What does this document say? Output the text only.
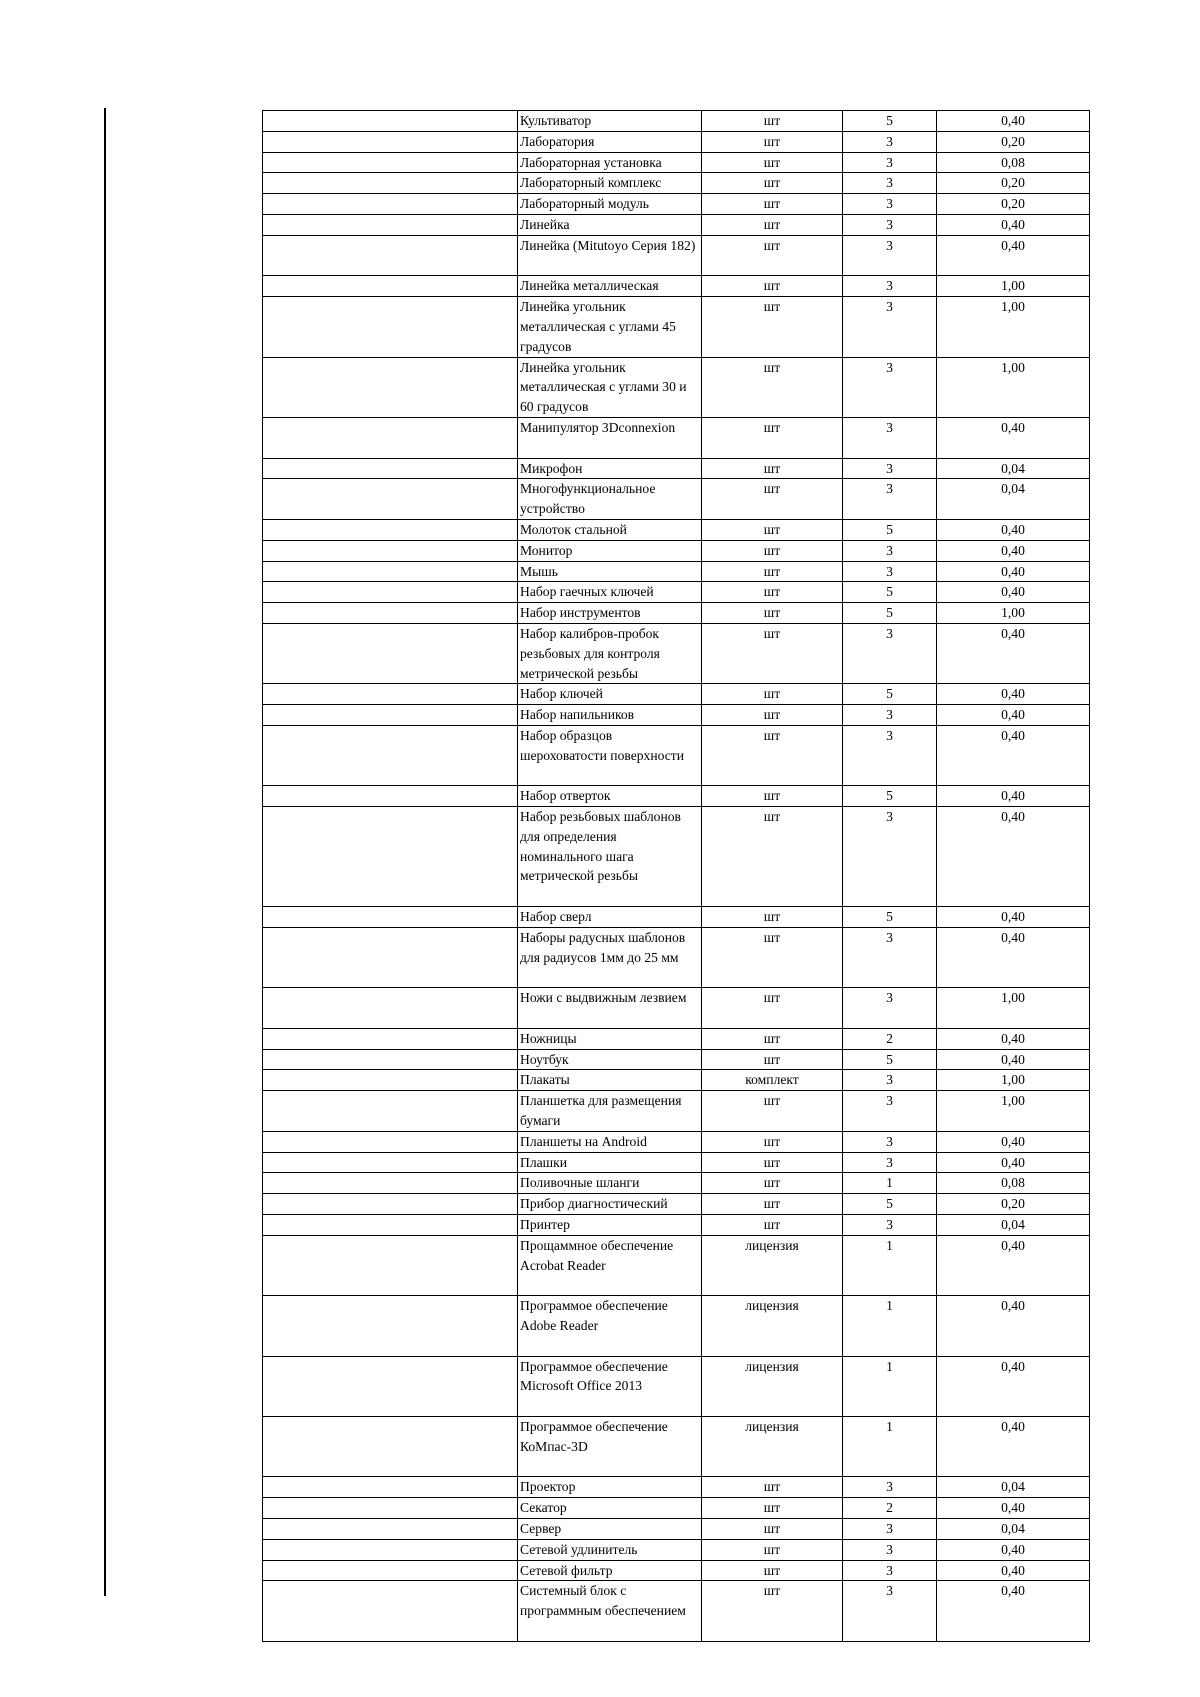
	Культиватор	шт	5	0,40
	Лаборатория	шт	3	0,20
	Лабораторная установка	шт	3	0,08
	Лабораторный комплекс	шт	3	0,20
	Лабораторный модуль	шт	3	0,20
	Линейка	шт	3	0,40
	Линейка (Mitutoyo Серия 182)	шт	3	0,40
	Линейка металлическая	шт	3	1,00
	Линейка угольник металлическая с углами 45 градусов	шт	3	1,00
	Линейка угольник металлическая с углами 30 и 60 градусов	шт	3	1,00
	Манипулятор 3Dconnexion	шт	3	0,40
	Микрофон	шт	3	0,04
	Многофункциональное устройство	шт	3	0,04
	Молоток стальной	шт	5	0,40
	Монитор	шт	3	0,40
	Мышь	шт	3	0,40
	Набор гаечных ключей	шт	5	0,40
	Набор инструментов	шт	5	1,00
	Набор калибров-пробок резьбовых для контроля метрической резьбы	шт	3	0,40
	Набор ключей	шт	5	0,40
	Набор напильников	шт	3	0,40
	Набор образцов шероховатости поверхности	шт	3	0,40
	Набор отверток	шт	5	0,40
	Набор резьбовых шаблонов для определения номинального шага метрической резьбы	шт	3	0,40
	Набор сверл	шт	5	0,40
	Наборы радусных шаблонов для радиусов 1мм до 25 мм	шт	3	0,40
	Ножи с выдвижным лезвием	шт	3	1,00
	Ножницы	шт	2	0,40
	Ноутбук	шт	5	0,40
	Плакаты	комплект	3	1,00
	Планшетка для размещения бумаги	шт	3	1,00
	Планшеты на Android	шт	3	0,40
	Плашки	шт	3	0,40
	Поливочные шланги	шт	1	0,08
	Прибор диагностический	шт	5	0,20
	Принтер	шт	3	0,04
	Прощаммное обеспечение Acrobat Reader	лицензия	1	0,40
	Программое обеспечение Adobe Reader	лицензия	1	0,40
	Программое обеспечение Microsoft Office 2013	лицензия	1	0,40
	Программое обеспечение КоМпас-3D	лицензия	1	0,40
	Проектор	шт	3	0,04
	Секатор	шт	2	0,40
	Сервер	шт	3	0,04
	Сетевой удлинитель	шт	3	0,40
	Сетевой фильтр	шт	3	0,40
	Системный блок с программным обеспечением	шт	3	0,40
